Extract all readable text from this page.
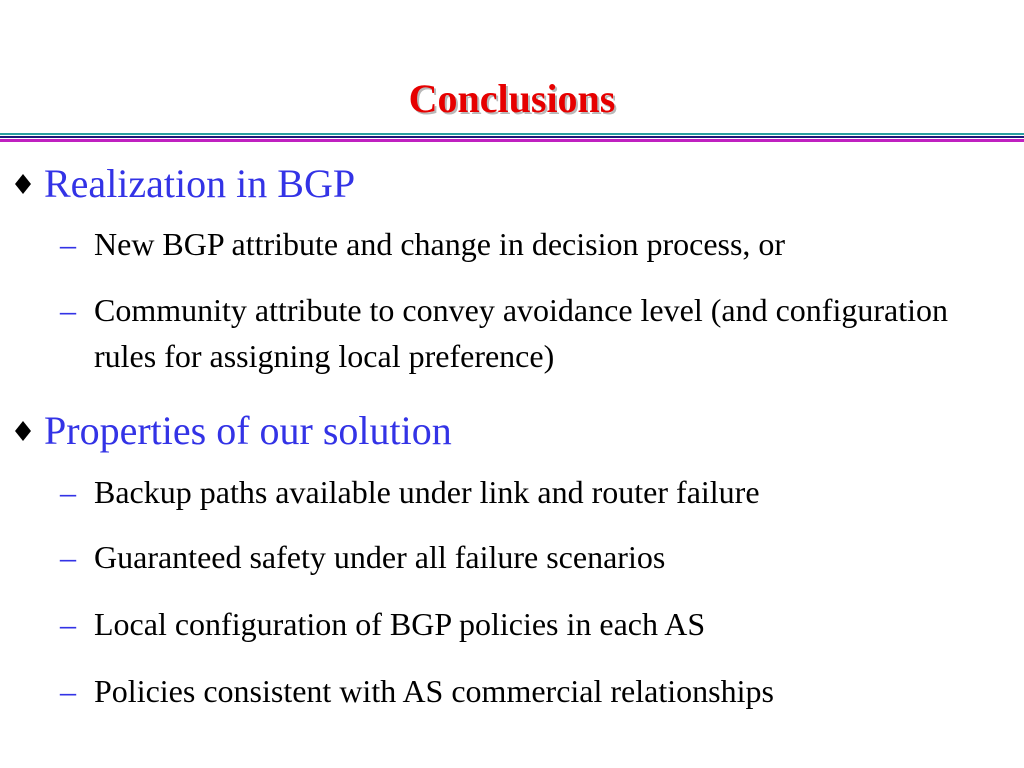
Conclusions
Realization in BGP
– New BGP attribute and change in decision process, or
– Community attribute to convey avoidance level (and configuration rules for assigning local preference)
Properties of our solution
– Backup paths available under link and router failure
– Guaranteed safety under all failure scenarios
– Local configuration of BGP policies in each AS
– Policies consistent with AS commercial relationships
